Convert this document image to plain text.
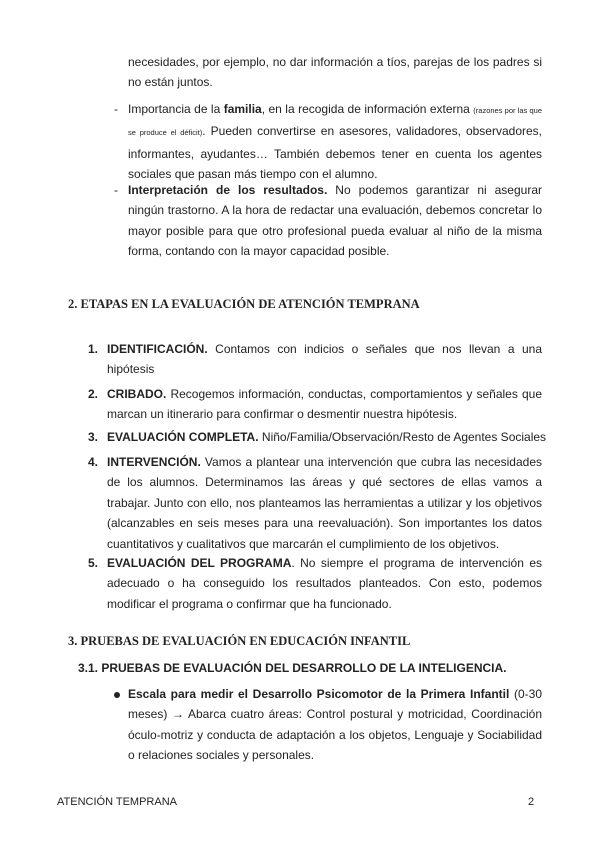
necesidades, por ejemplo, no dar información a tíos, parejas de los padres si no están juntos.

- Importancia de la familia, en la recogida de información externa (razones por las que se produce el déficit). Pueden convertirse en asesores, validadores, observadores, informantes, ayudantes… También debemos tener en cuenta los agentes sociales que pasan más tiempo con el alumno.

- Interpretación de los resultados. No podemos garantizar ni asegurar ningún trastorno. A la hora de redactar una evaluación, debemos concretar lo mayor posible para que otro profesional pueda evaluar al niño de la misma forma, contando con la mayor capacidad posible.

2. ETAPAS EN LA EVALUACIÓN DE ATENCIÓN TEMPRANA
1. IDENTIFICACIÓN. Contamos con indicios o señales que nos llevan a una hipótesis

2. CRIBADO. Recogemos información, conductas, comportamientos y señales que marcan un itinerario para confirmar o desmentir nuestra hipótesis.

3. EVALUACIÓN COMPLETA. Niño/Familia/Observación/Resto de Agentes Sociales

4. INTERVENCIÓN. Vamos a plantear una intervención que cubra las necesidades de los alumnos. Determinamos las áreas y qué sectores de ellas vamos a trabajar. Junto con ello, nos planteamos las herramientas a utilizar y los objetivos (alcanzables en seis meses para una reevaluación). Son importantes los datos cuantitativos y cualitativos que marcarán el cumplimiento de los objetivos.

5. EVALUACIÓN DEL PROGRAMA. No siempre el programa de intervención es adecuado o ha conseguido los resultados planteados. Con esto, podemos modificar el programa o confirmar que ha funcionado.

3. PRUEBAS DE EVALUACIÓN EN EDUCACIÓN INFANTIL
3.1. PRUEBAS DE EVALUACIÓN DEL DESARROLLO DE LA INTELIGENCIA.

Escala para medir el Desarrollo Psicomotor de la Primera Infantil (0-30 meses) → Abarca cuatro áreas: Control postural y motricidad, Coordinación óculo-motriz y conducta de adaptación a los objetos, Lenguaje y Sociabilidad o relaciones sociales y personales.

ATENCIÓN TEMPRANA	2
